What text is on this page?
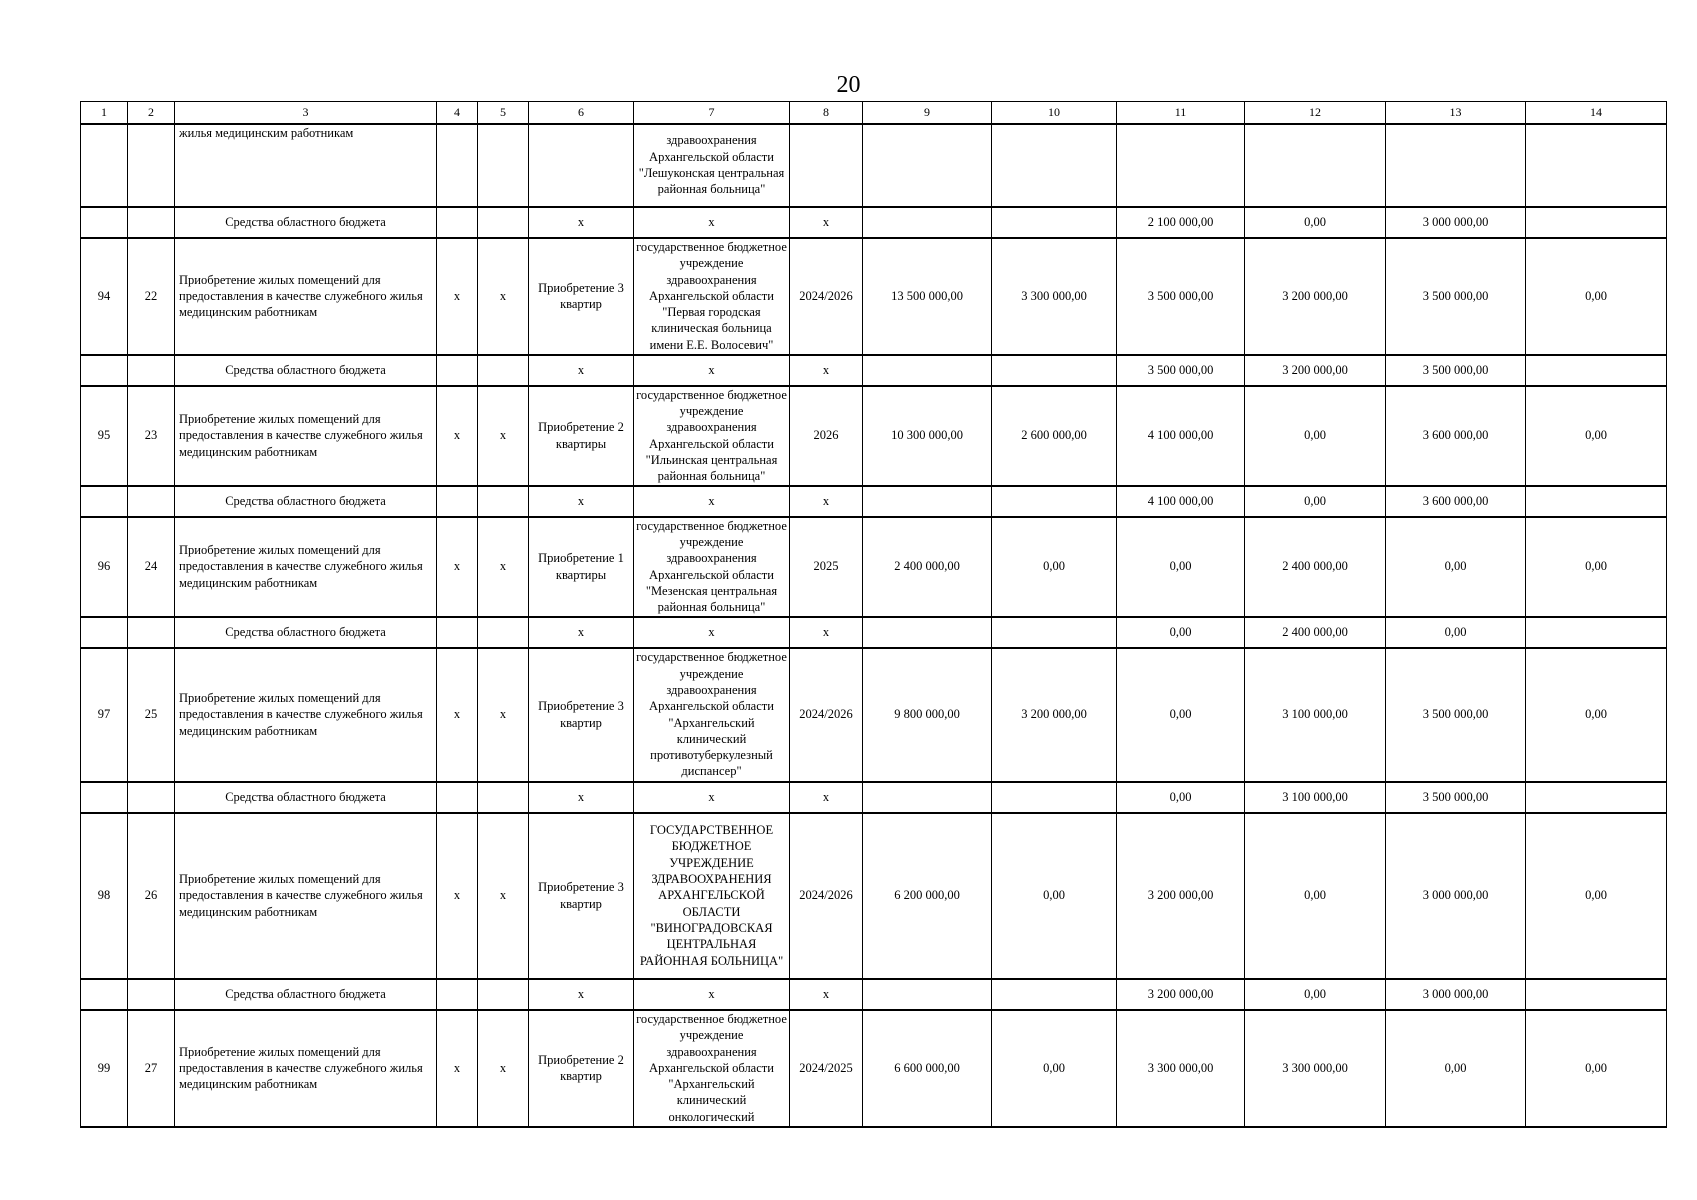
20
1	2	3	4	5	6	7	8	9	10	11	12	13	14
		жилья медицинским работникам				здравоохранения Архангельской области "Лешуконская центральная районная больница"							
		Средства областного бюджета			x	x	x			2 100 000,00	0,00	3 000 000,00	
94	22	Приобретение жилых помещений для предоставления в качестве служебного жилья медицинским работникам	x	x	Приобретение 3 квартир	государственное бюджетное учреждение здравоохранения Архангельской области "Первая городская клиническая больница имени Е.Е. Волосевич"	2024/2026	13 500 000,00	3 300 000,00	3 500 000,00	3 200 000,00	3 500 000,00	0,00
		Средства областного бюджета			x	x	x			3 500 000,00	3 200 000,00	3 500 000,00	
95	23	Приобретение жилых помещений для предоставления в качестве служебного жилья медицинским работникам	x	x	Приобретение 2 квартиры	государственное бюджетное учреждение здравоохранения Архангельской области "Ильинская центральная районная больница"	2026	10 300 000,00	2 600 000,00	4 100 000,00	0,00	3 600 000,00	0,00
		Средства областного бюджета			x	x	x			4 100 000,00	0,00	3 600 000,00	
96	24	Приобретение жилых помещений для предоставления в качестве служебного жилья медицинским работникам	x	x	Приобретение 1 квартиры	государственное бюджетное учреждение здравоохранения Архангельской области "Мезенская центральная районная больница"	2025	2 400 000,00	0,00	0,00	2 400 000,00	0,00	0,00
		Средства областного бюджета			x	x	x			0,00	2 400 000,00	0,00	
97	25	Приобретение жилых помещений для предоставления в качестве служебного жилья медицинским работникам	x	x	Приобретение 3 квартир	государственное бюджетное учреждение здравоохранения Архангельской области "Архангельский клинический противотуберкулезный диспансер"	2024/2026	9 800 000,00	3 200 000,00	0,00	3 100 000,00	3 500 000,00	0,00
		Средства областного бюджета			x	x	x			0,00	3 100 000,00	3 500 000,00	
98	26	Приобретение жилых помещений для предоставления в качестве служебного жилья медицинским работникам	x	x	Приобретение 3 квартир	ГОСУДАРСТВЕННОЕ БЮДЖЕТНОЕ УЧРЕЖДЕНИЕ ЗДРАВООХРАНЕНИЯ АРХАНГЕЛЬСКОЙ ОБЛАСТИ "ВИНОГРАДОВСКАЯ ЦЕНТРАЛЬНАЯ РАЙОННАЯ БОЛЬНИЦА"	2024/2026	6 200 000,00	0,00	3 200 000,00	0,00	3 000 000,00	0,00
		Средства областного бюджета			x	x	x			3 200 000,00	0,00	3 000 000,00	
99	27	Приобретение жилых помещений для предоставления в качестве служебного жилья медицинским работникам	x	x	Приобретение 2 квартир	государственное бюджетное учреждение здравоохранения Архангельской области "Архангельский клинический онкологический	2024/2025	6 600 000,00	0,00	3 300 000,00	3 300 000,00	0,00	0,00
